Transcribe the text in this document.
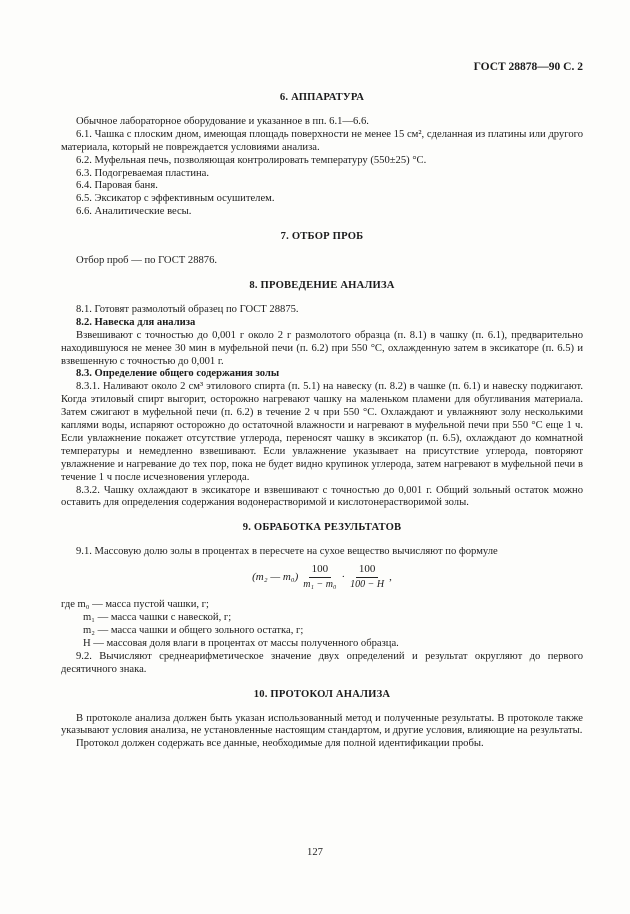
ГОСТ 28878—90 С. 2
6. АППАРАТУРА

Обычное лабораторное оборудование и указанное в пп. 6.1—6.6.

6.1. Чашка с плоским дном, имеющая площадь поверхности не менее 15 см², сделанная из платины или другого материала, который не повреждается условиями анализа.

6.2. Муфельная печь, позволяющая контролировать температуру (550±25) °С.

6.3. Подогреваемая пластина.

6.4. Паровая баня.

6.5. Эксикатор с эффективным осушителем.

6.6. Аналитические весы.

7. ОТБОР ПРОБ

Отбор проб — по ГОСТ 28876.

8. ПРОВЕДЕНИЕ АНАЛИЗА

8.1. Готовят размолотый образец по ГОСТ 28875.

8.2. Навеска для анализа

Взвешивают с точностью до 0,001 г около 2 г размолотого образца (п. 8.1) в чашку (п. 6.1), предварительно находившуюся не менее 30 мин в муфельной печи (п. 6.2) при 550 °С, охлажденную затем в эксикаторе (п. 6.5) и взвешенную с точностью до 0,001 г.

8.3. Определение общего содержания золы

8.3.1. Наливают около 2 см³ этилового спирта (п. 5.1) на навеску (п. 8.2) в чашке (п. 6.1) и навеску поджигают. Когда этиловый спирт выгорит, осторожно нагревают чашку на маленьком пламени для обугливания материала. Затем сжигают в муфельной печи (п. 6.2) в течение 2 ч при 550 °С. Охлаждают и увлажняют золу несколькими каплями воды, испаряют осторожно до остаточной влажности и нагревают в муфельной печи при 550 °С еще 1 ч. Если увлажнение покажет отсутствие углерода, переносят чашку в эксикатор (п. 6.5), охлаждают до комнатной температуры и немедленно взвешивают. Если увлажнение указывает на присутствие углерода, повторяют увлажнение и нагревание до тех пор, пока не будет видно крупинок углерода, затем нагревают в муфельной печи в течение 1 ч после исчезновения углерода.

8.3.2. Чашку охлаждают в эксикаторе и взвешивают с точностью до 0,001 г. Общий зольный остаток можно оставить для определения содержания водонерастворимой и кислотонерастворимой золы.

9. ОБРАБОТКА РЕЗУЛЬТАТОВ

9.1. Массовую долю золы в процентах в пересчете на сухое вещество вычисляют по формуле

(m₂ — $m_0) \frac{100}{\text{m₁ − m₀}} \cdot \frac{100}{100 - H}$ ,
где m₀ — масса пустой чашки, г;
m₁ — масса чашки с навеской, г;
m₂ — масса чашки и общего зольного остатка, г;
H — массовая доля влаги в процентах от массы полученного образца.

9.2. Вычисляют среднеарифметическое значение двух определений и результат округляют до первого десятичного знака.

10. ПРОТОКОЛ АНАЛИЗА

В протоколе анализа должен быть указан использованный метод и полученные результаты. В протоколе также указывают условия анализа, не установленные настоящим стандартом, и другие условия, влияющие на результаты.

Протокол должен содержать все данные, необходимые для полной идентификации пробы.

127
